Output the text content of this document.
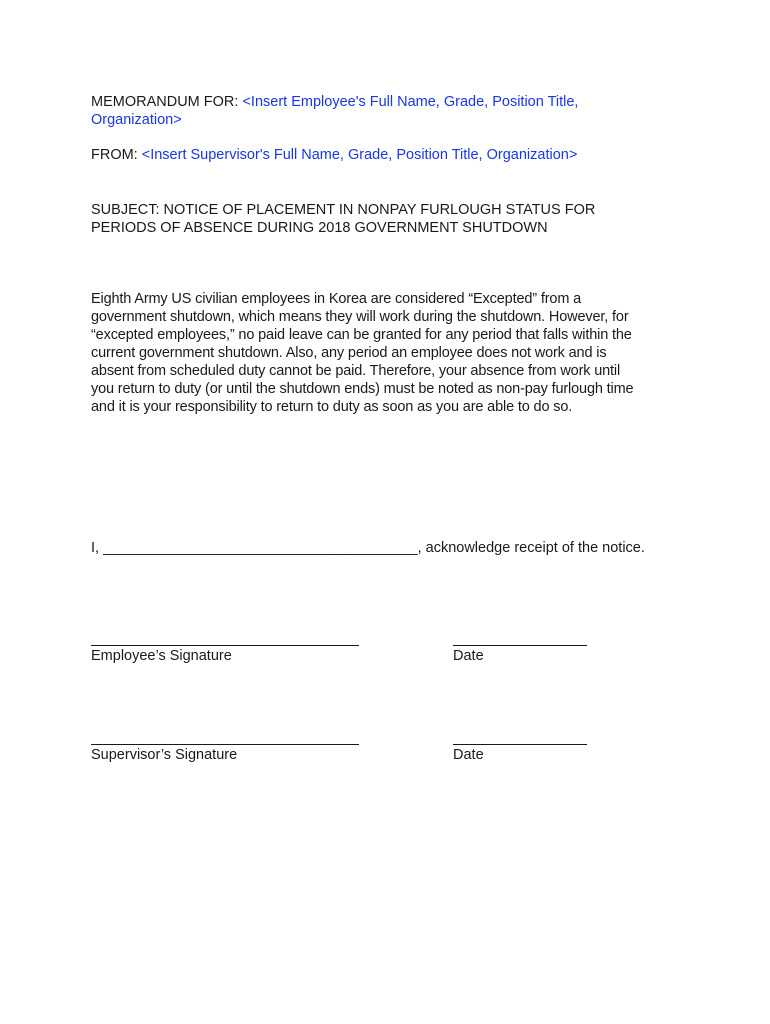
MEMORANDUM FOR: <Insert Employee's Full Name, Grade, Position Title,
Organization>
FROM: <Insert Supervisor's Full Name, Grade, Position Title, Organization>
SUBJECT: NOTICE OF PLACEMENT IN NONPAY FURLOUGH STATUS FOR
PERIODS OF ABSENCE DURING 2018 GOVERNMENT SHUTDOWN
Eighth Army US civilian employees in Korea are considered “Excepted” from a
government shutdown, which means they will work during the shutdown. However, for
“excepted employees,” no paid leave can be granted for any period that falls within the
current government shutdown. Also, any period an employee does not work and is
absent from scheduled duty cannot be paid. Therefore, your absence from work until
you return to duty (or until the shutdown ends) must be noted as non-pay furlough time
and it is your responsibility to return to duty as soon as you are able to do so.
I, _______________________________________, acknowledge receipt of the notice.
Employee’s Signature	Date
Supervisor’s Signature	Date
